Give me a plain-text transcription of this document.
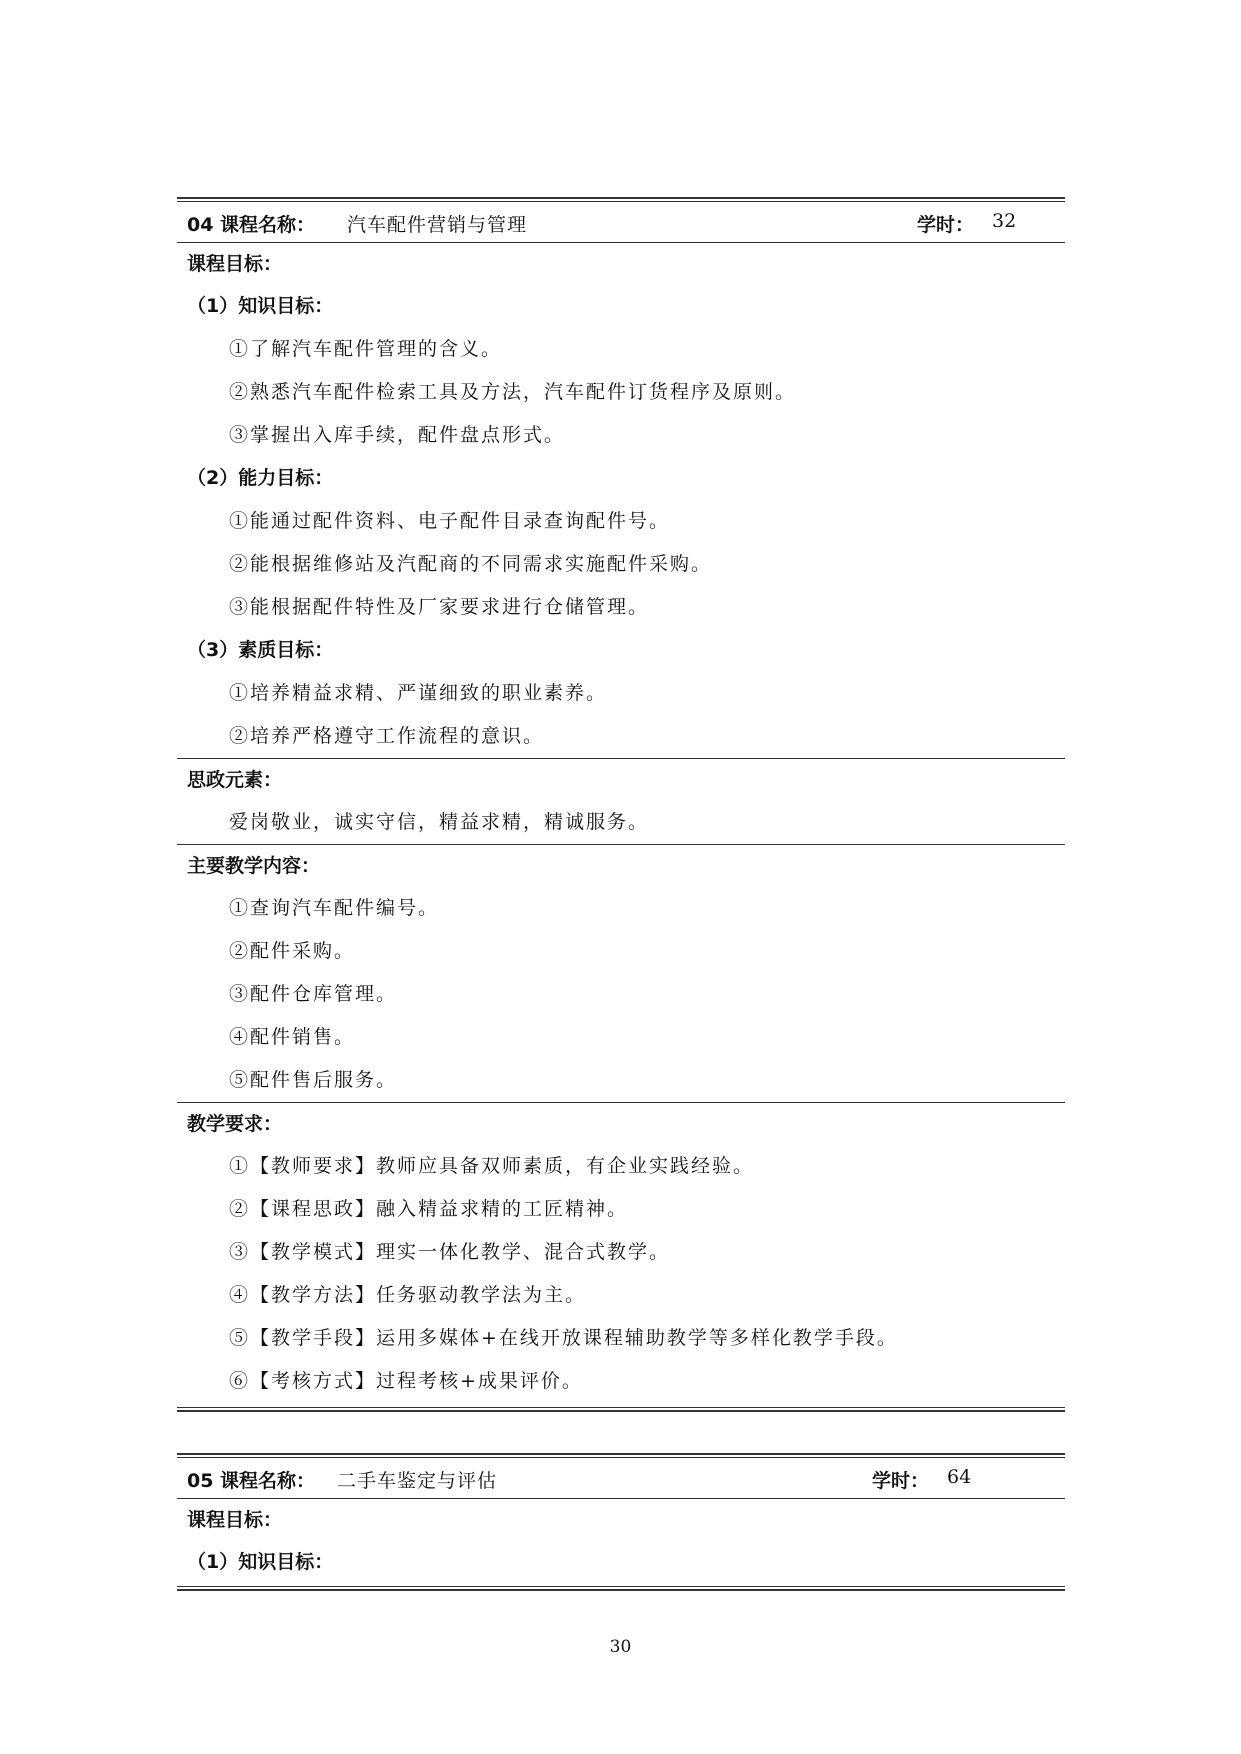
04 课程名称： 汽车配件营销与管理	学时： 32
课程目标：
（1）知识目标：
①了解汽车配件管理的含义。
②熟悉汽车配件检索工具及方法，汽车配件订货程序及原则。
③掌握出入库手续，配件盘点形式。
（2）能力目标：
①能通过配件资料、电子配件目录查询配件号。
②能根据维修站及汽配商的不同需求实施配件采购。
③能根据配件特性及厂家要求进行仓储管理。
（3）素质目标：
①培养精益求精、严谨细致的职业素养。
②培养严格遵守工作流程的意识。
思政元素：
爱岗敬业，诚实守信，精益求精，精诚服务。
主要教学内容：
①查询汽车配件编号。
②配件采购。
③配件仓库管理。
④配件销售。
⑤配件售后服务。
教学要求：
①【教师要求】教师应具备双师素质，有企业实践经验。
②【课程思政】融入精益求精的工匠精神。
③【教学模式】理实一体化教学、混合式教学。
④【教学方法】任务驱动教学法为主。
⑤【教学手段】运用多媒体+在线开放课程辅助教学等多样化教学手段。
⑥【考核方式】过程考核+成果评价。
05 课程名称： 二手车鉴定与评估	学时： 64
课程目标：
（1）知识目标：
30
